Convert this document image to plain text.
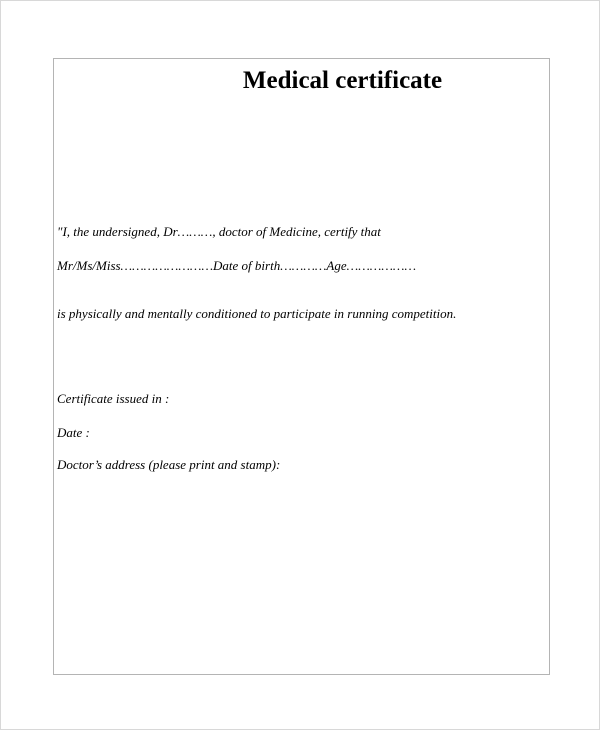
Medical certificate

"I, the undersigned, Dr………, doctor of Medicine, certify that

Mr/Ms/Miss……………………Date of birth…………Age………………

is physically and mentally conditioned to participate in running competition.

Certificate issued in :

Date :

Doctor’s address (please print and stamp):
